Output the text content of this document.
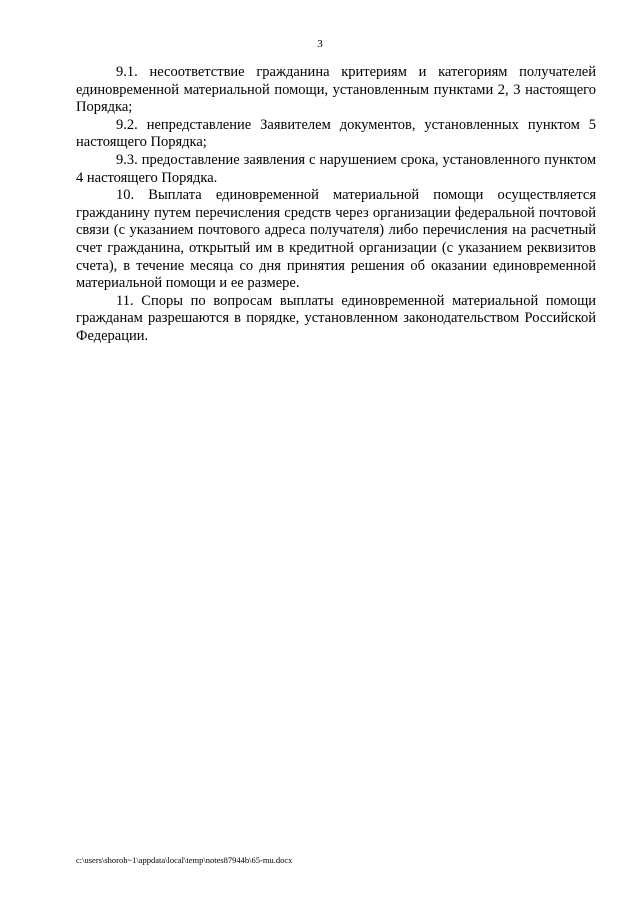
3

9.1. несоответствие гражданина критериям и категориям получателей единовременной материальной помощи, установленным пунктами 2, 3 настоящего Порядка;

9.2. непредставление Заявителем документов, установленных пунктом 5 настоящего Порядка;

9.3. предоставление заявления с нарушением срока, установленного пунктом 4 настоящего Порядка.

10. Выплата единовременной материальной помощи осуществляется гражданину путем перечисления средств через организации федеральной почтовой связи (с указанием почтового адреса получателя) либо перечисления на расчетный счет гражданина, открытый им в кредитной организации (с указанием реквизитов счета), в течение месяца со дня принятия решения об оказании единовременной материальной помощи и ее размере.

11. Споры по вопросам выплаты единовременной материальной помощи гражданам разрешаются в порядке, установленном законодательством Российской Федерации.

c:\users\shoroh~1\appdata\local\temp\notes87944b\65-mu.docx
